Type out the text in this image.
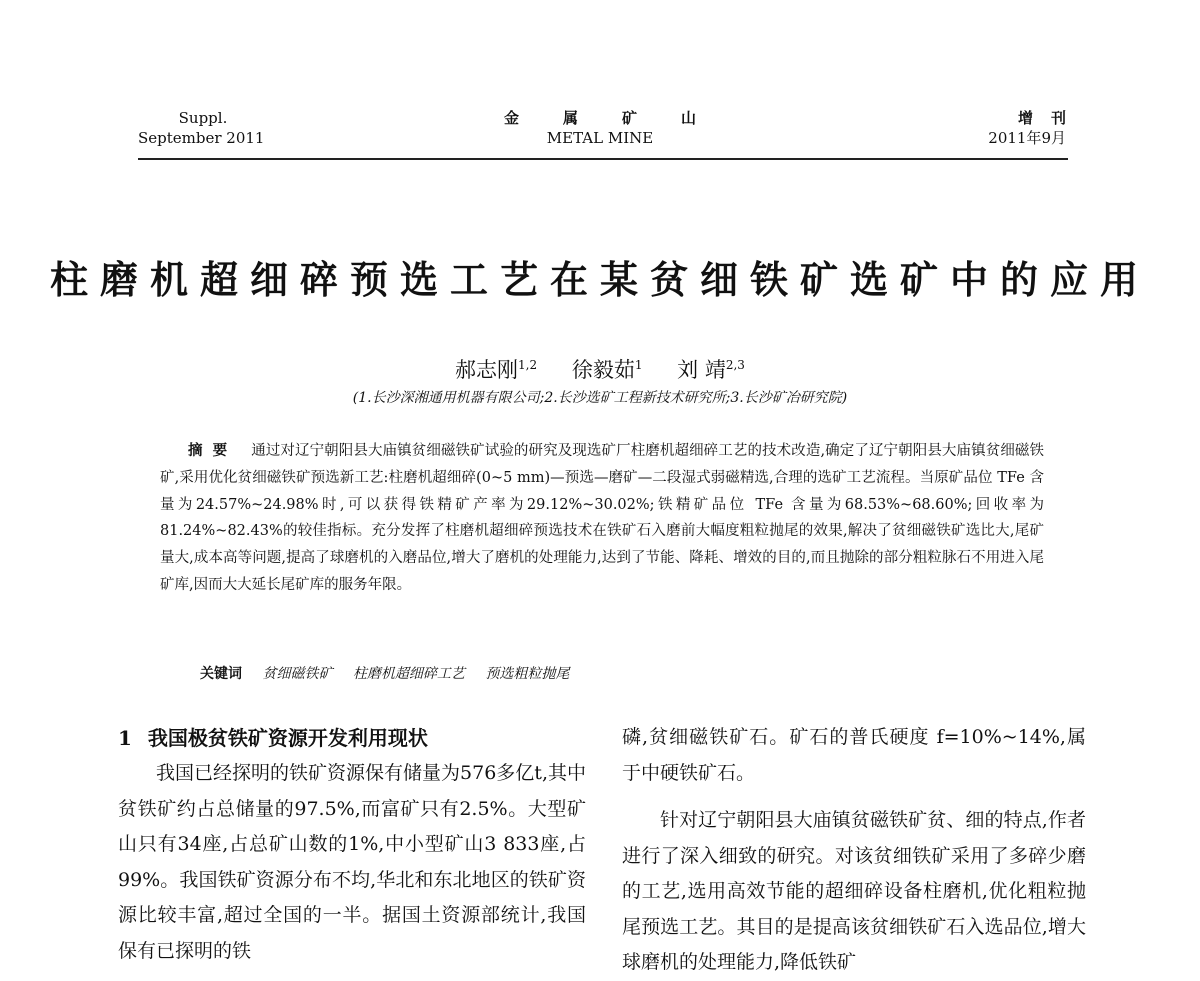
Suppl.
September 2011
金属矿山
METAL MINE
增刊
2011年9月
柱磨机超细碎预选工艺在某贫细铁矿选矿中的应用
郝志刚$^{1,2}$ 徐毅茹$^1$ 刘 靖$^{2,3}$
(1.长沙深湘通用机器有限公司;2.长沙选矿工程新技术研究所;3.长沙矿冶研究院)
摘要 通过对辽宁朝阳县大庙镇贫细磁铁矿试验的研究及现选矿厂柱磨机超细碎工艺的技术改造,确定了辽宁朝阳县大庙镇贫细磁铁矿,采用优化贫细磁铁矿预选新工艺:柱磨机超细碎(0~5 mm)—预选—磨矿—二段湿式弱磁精选,合理的选矿工艺流程。当原矿品位 TFe 含量为24.57%~24.98%时,可以获得铁精矿产率为29.12%~30.02%;铁精矿品位 TFe 含量为68.53%~68.60%;回收率为81.24%~82.43%的较佳指标。充分发挥了柱磨机超细碎预选技术在铁矿石入磨前大幅度粗粒抛尾的效果,解决了贫细磁铁矿选比大,尾矿量大,成本高等问题,提高了球磨机的入磨品位,增大了磨机的处理能力,达到了节能、降耗、增效的目的,而且抛除的部分粗粒脉石不用进入尾矿库,因而大大延长尾矿库的服务年限。
关键词 贫细磁铁矿 柱磨机超细碎工艺 预选粗粒抛尾
1 我国极贫铁矿资源开发利用现状

我国已经探明的铁矿资源保有储量为576多亿t,其中贫铁矿约占总储量的97.5%,而富矿只有2.5%。大型矿山只有34座,占总矿山数的1%,中小型矿山3 833座,占99%。我国铁矿资源分布不均,华北和东北地区的铁矿资源比较丰富,超过全国的一半。据国土资源部统计,我国保有已探明的铁

磷,贫细磁铁矿石。矿石的普氏硬度 f=10%~14%,属于中硬铁矿石。

针对辽宁朝阳县大庙镇贫磁铁矿贫、细的特点,作者进行了深入细致的研究。对该贫细铁矿采用了多碎少磨的工艺,选用高效节能的超细碎设备柱磨机,优化粗粒抛尾预选工艺。其目的是提高该贫细铁矿石入选品位,增大球磨机的处理能力,降低铁矿
